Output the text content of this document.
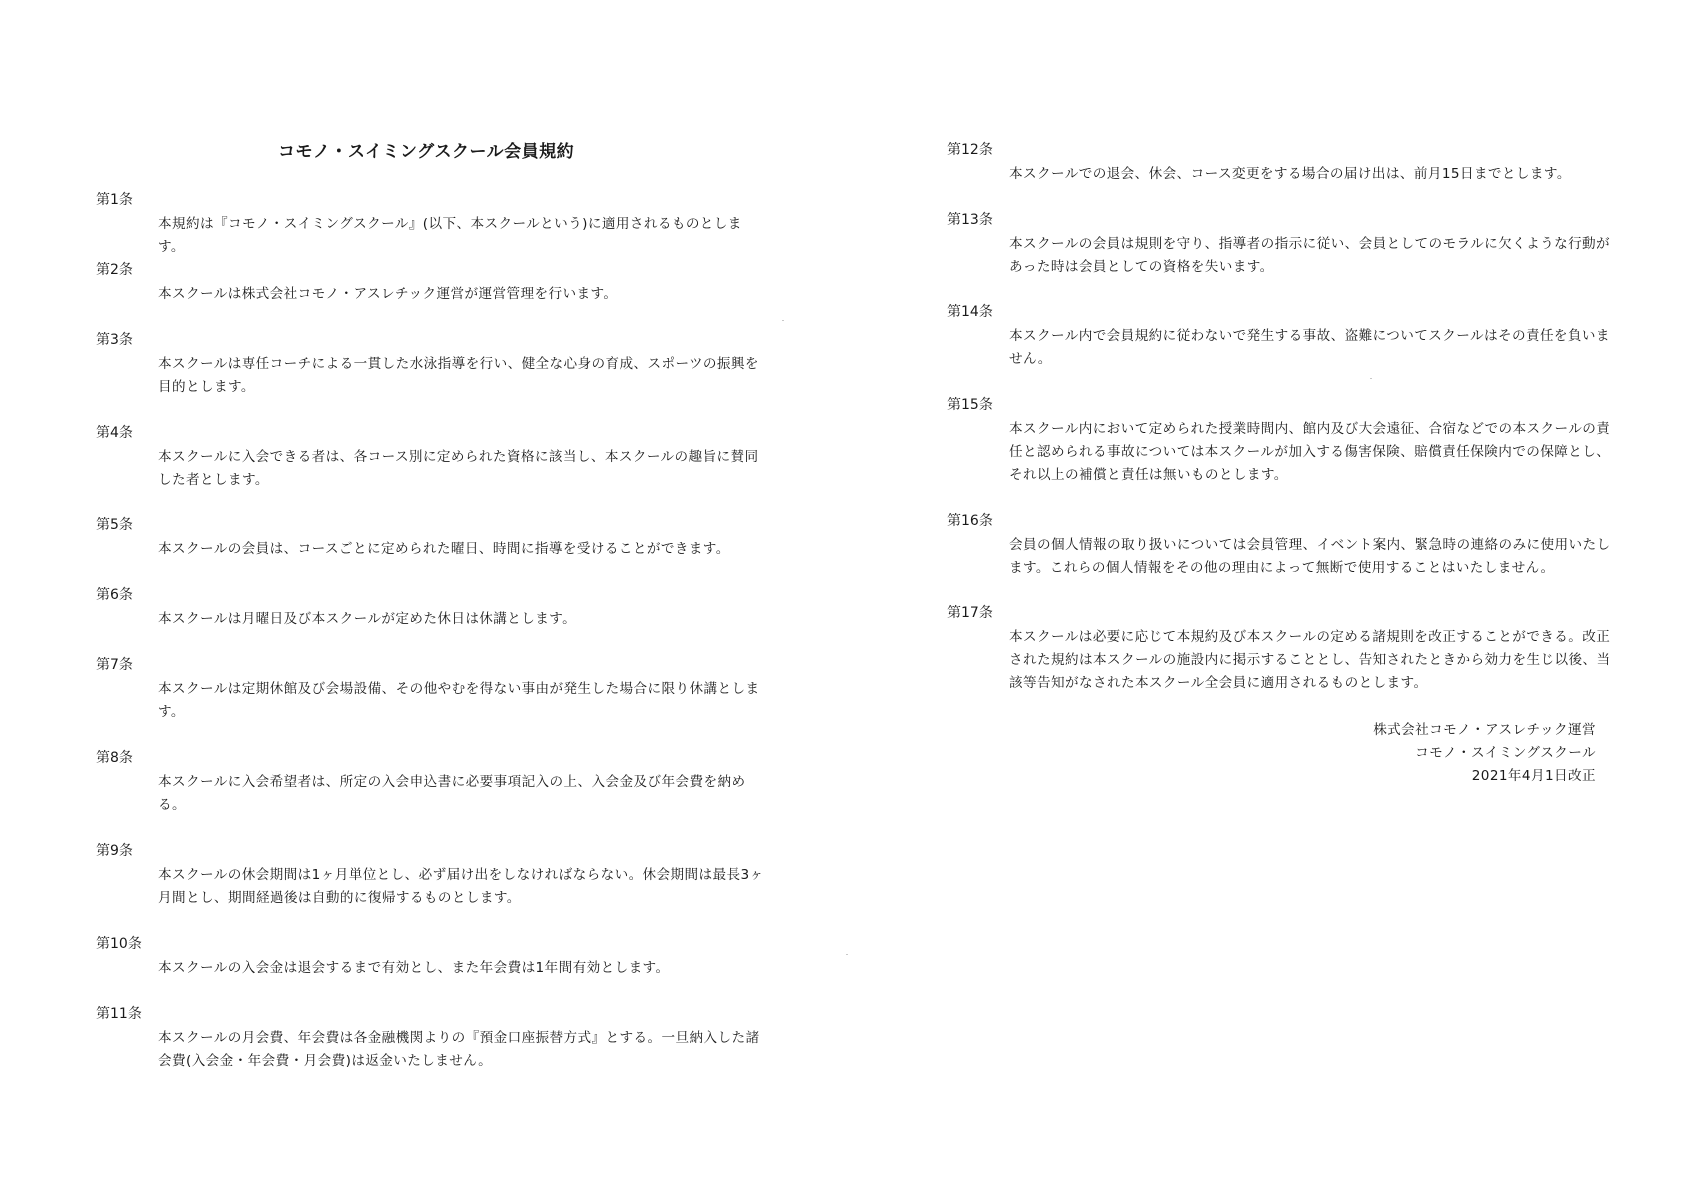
コモノ・スイミングスクール会員規約
第1条
本規約は『コモノ・スイミングスクール』(以下、本スクールという)に適用されるものとします。
第2条
本スクールは株式会社コモノ・アスレチック運営が運営管理を行います。
第3条
本スクールは専任コーチによる一貫した水泳指導を行い、健全な心身の育成、スポーツの振興を目的とします。
第4条
本スクールに入会できる者は、各コース別に定められた資格に該当し、本スクールの趣旨に賛同した者とします。
第5条
本スクールの会員は、コースごとに定められた曜日、時間に指導を受けることができます。
第6条
本スクールは月曜日及び本スクールが定めた休日は休講とします。
第7条
本スクールは定期休館及び会場設備、その他やむを得ない事由が発生した場合に限り休講とします。
第8条
本スクールに入会希望者は、所定の入会申込書に必要事項記入の上、入会金及び年会費を納める。
第9条
本スクールの休会期間は1ヶ月単位とし、必ず届け出をしなければならない。休会期間は最長3ヶ月間とし、期間経過後は自動的に復帰するものとします。
第10条
本スクールの入会金は退会するまで有効とし、また年会費は1年間有効とします。
第11条
本スクールの月会費、年会費は各金融機関よりの『預金口座振替方式』とする。一旦納入した諸会費(入会金・年会費・月会費)は返金いたしません。
第12条
本スクールでの退会、休会、コース変更をする場合の届け出は、前月15日までとします。
第13条
本スクールの会員は規則を守り、指導者の指示に従い、会員としてのモラルに欠くような行動があった時は会員としての資格を失います。
第14条
本スクール内で会員規約に従わないで発生する事故、盗難についてスクールはその責任を負いません。
第15条
本スクール内において定められた授業時間内、館内及び大会遠征、合宿などでの本スクールの責任と認められる事故については本スクールが加入する傷害保険、賠償責任保険内での保障とし、それ以上の補償と責任は無いものとします。
第16条
会員の個人情報の取り扱いについては会員管理、イベント案内、緊急時の連絡のみに使用いたします。これらの個人情報をその他の理由によって無断で使用することはいたしません。
第17条
本スクールは必要に応じて本規約及び本スクールの定める諸規則を改正することができる。改正された規約は本スクールの施設内に掲示することとし、告知されたときから効力を生じ以後、当該等告知がなされた本スクール全会員に適用されるものとします。
株式会社コモノ・アスレチック運営
コモノ・スイミングスクール
2021年4月1日改正
